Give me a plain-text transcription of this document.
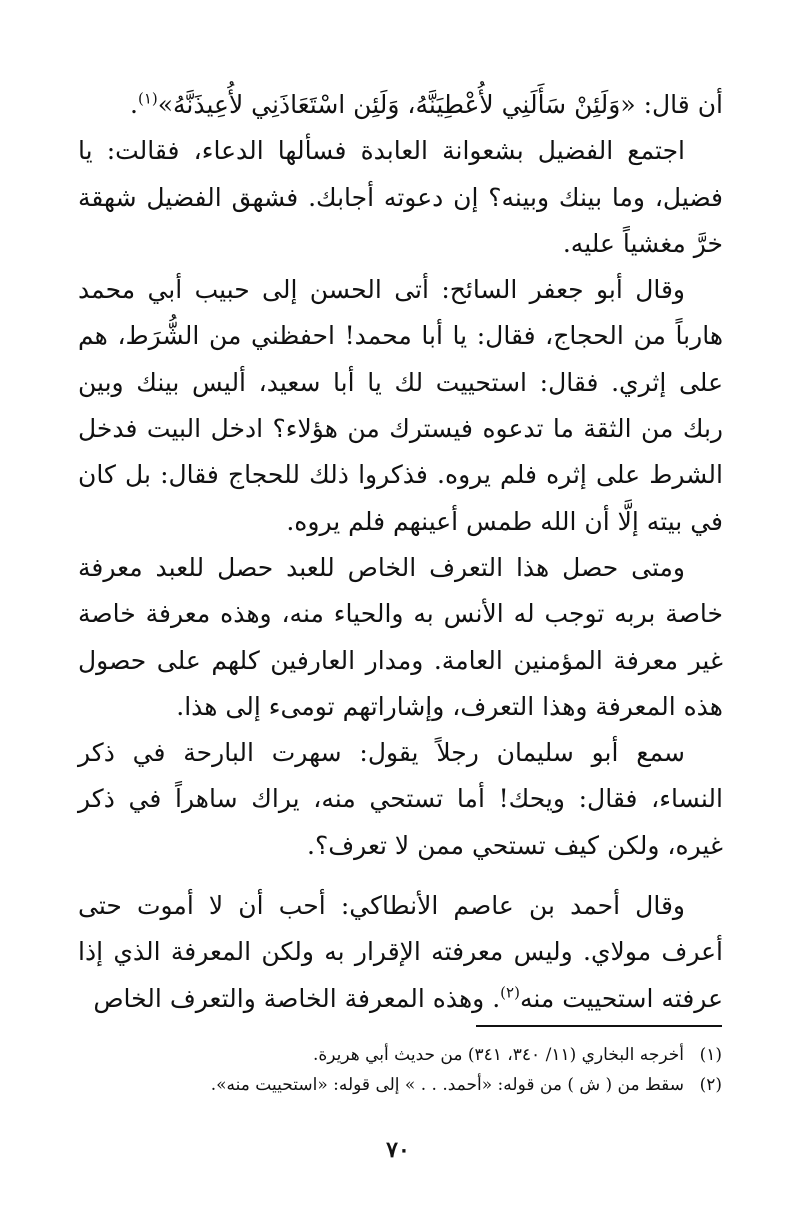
أن قال: «وَلَئِنْ سَأَلَنِي لأُعْطِيَنَّهُ، وَلَئِن اسْتَعَاذَنِي لأُعِيذَنَّهُ»$^{(١)}$.

اجتمع الفضيل بشعوانة العابدة فسألها الدعاء، فقالت: يا فضيل، وما بينك وبينه؟ إن دعوته أجابك. فشهق الفضيل شهقة خرَّ مغشياً عليه.

وقال أبو جعفر السائح: أتى الحسن إلى حبيب أبي محمد هارباً من الحجاج، فقال: يا أبا محمد! احفظني من الشُّرَط، هم على إثري. فقال: استحييت لك يا أبا سعيد، أليس بينك وبين ربك من الثقة ما تدعوه فيسترك من هؤلاء؟ ادخل البيت فدخل الشرط على إثره فلم يروه. فذكروا ذلك للحجاج فقال: بل كان في بيته إلَّا أن الله طمس أعينهم فلم يروه.

ومتى حصل هذا التعرف الخاص للعبد حصل للعبد معرفة خاصة بربه توجب له الأنس به والحياء منه، وهذه معرفة خاصة غير معرفة المؤمنين العامة. ومدار العارفين كلهم على حصول هذه المعرفة وهذا التعرف، وإشاراتهم تومىء إلى هذا.

سمع أبو سليمان رجلاً يقول: سهرت البارحة في ذكر النساء، فقال: ويحك! أما تستحي منه، يراك ساهراً في ذكر غيره، ولكن كيف تستحي ممن لا تعرف؟.

وقال أحمد بن عاصم الأنطاكي: أحب أن لا أموت حتى أعرف مولاي. وليس معرفته الإقرار به ولكن المعرفة الذي إذا عرفته استحييت منه$^{(٢)}$. وهذه المعرفة الخاصة والتعرف الخاص

(١)أخرجه البخاري (١١/ ٣٤٠، ٣٤١) من حديث أبي هريرة.

(٢)سقط من ( ش ) من قوله: «أحمد. . . » إلى قوله: «استحييت منه».

٧٠
